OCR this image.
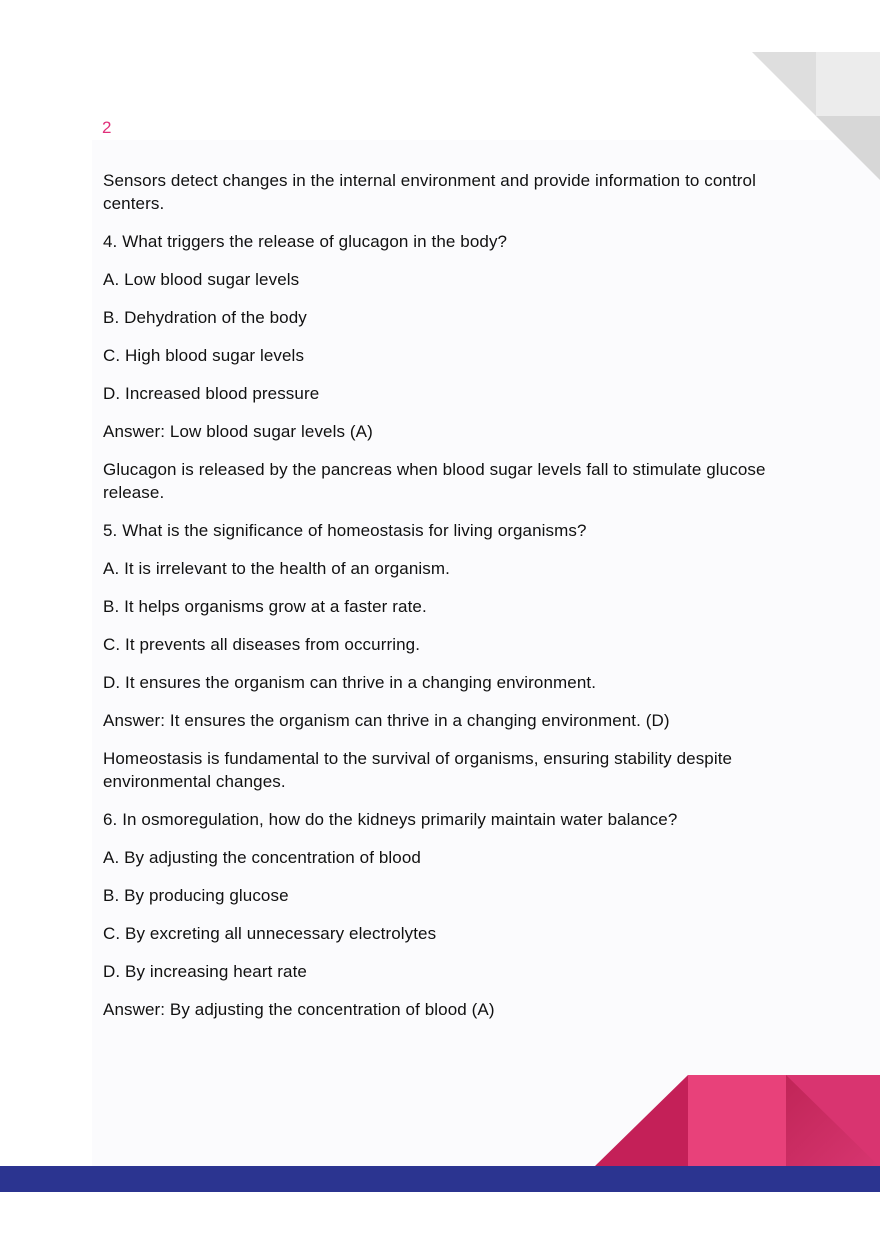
2

Sensors detect changes in the internal environment and provide information to control centers.

4. What triggers the release of glucagon in the body?

A. Low blood sugar levels

B. Dehydration of the body

C. High blood sugar levels

D. Increased blood pressure

Answer: Low blood sugar levels (A)

Glucagon is released by the pancreas when blood sugar levels fall to stimulate glucose release.

5. What is the significance of homeostasis for living organisms?

A. It is irrelevant to the health of an organism.

B. It helps organisms grow at a faster rate.

C. It prevents all diseases from occurring.

D. It ensures the organism can thrive in a changing environment.

Answer: It ensures the organism can thrive in a changing environment. (D)

Homeostasis is fundamental to the survival of organisms, ensuring stability despite environmental changes.

6. In osmoregulation, how do the kidneys primarily maintain water balance?

A. By adjusting the concentration of blood

B. By producing glucose

C. By excreting all unnecessary electrolytes

D. By increasing heart rate

Answer: By adjusting the concentration of blood (A)
